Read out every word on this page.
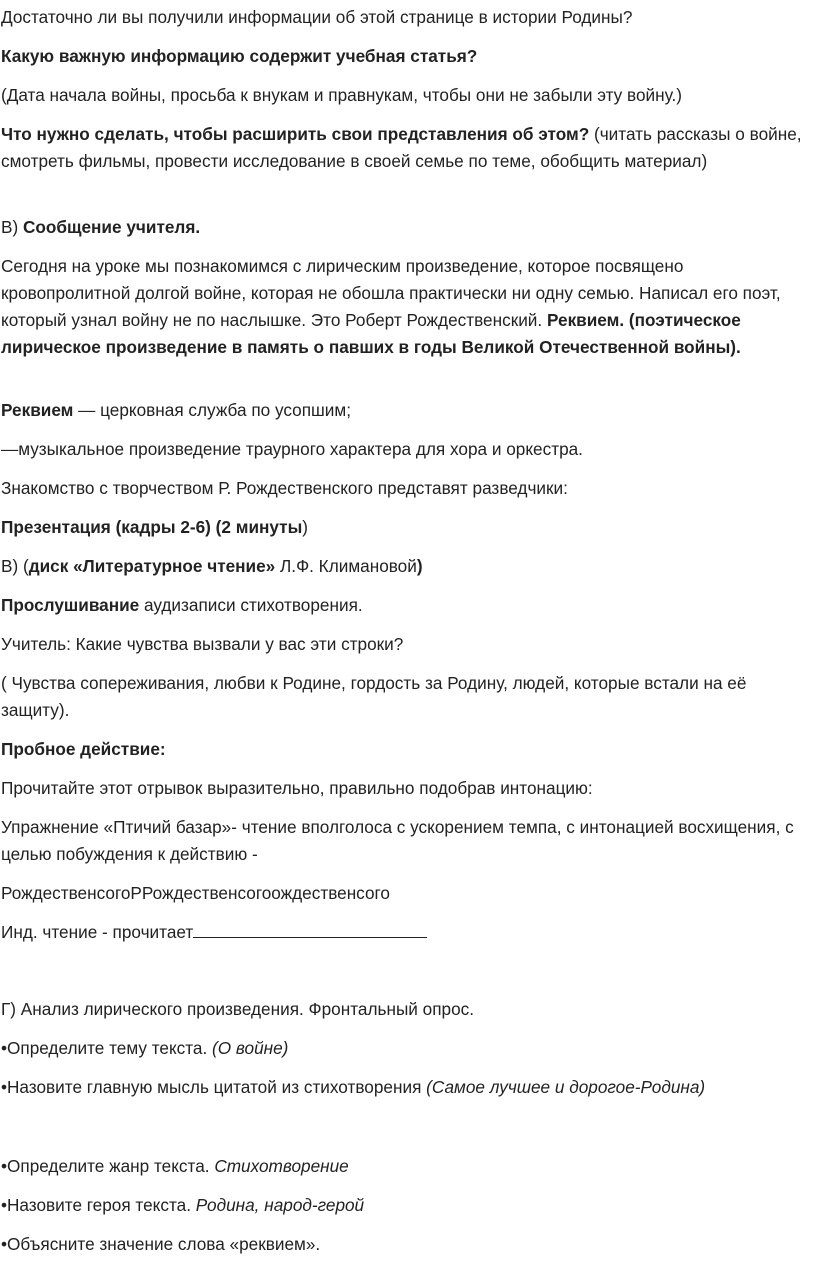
Достаточно ли вы получили информации об этой странице в истории Родины?

Какую важную информацию содержит учебная статья?

(Дата начала войны, просьба к внукам и правнукам, чтобы они не забыли эту войну.)

Что нужно сделать, чтобы расширить свои представления об этом? (читать рассказы о войне, смотреть фильмы, провести исследование в своей семье по теме, обобщить материал)

В) Сообщение учителя.

Сегодня на уроке мы познакомимся с лирическим произведение, которое посвящено кровопролитной долгой войне, которая не обошла практически ни одну семью. Написал его поэт, который узнал войну не по наслышке. Это Роберт Рождественский. Реквием. (поэтическое лирическое произведение в память о павших в годы Великой Отечественной войны).

Реквием — церковная служба по усопшим;

—музыкальное произведение траурного характера для хора и оркестра.

Знакомство с творчеством Р. Рождественского представят разведчики:

Презентация (кадры 2-6) (2 минуты)

В) (диск «Литературное чтение» Л.Ф. Климановой)

Прослушивание аудизаписи стихотворения.

Учитель: Какие чувства вызвали у вас эти строки?

( Чувства сопереживания, любви к Родине, гордость за Родину, людей, которые встали на её защиту).

Пробное действие:

Прочитайте этот отрывок выразительно, правильно подобрав интонацию:

Упражнение «Птичий базар»- чтение вполголоса с ускорением темпа, с интонацией восхищения, с целью побуждения к действию -

РождественсогоРРождественсогоождественсого

Инд. чтение - прочитает

Г) Анализ лирического произведения. Фронтальный опрос.

•Определите тему текста. (О войне)

•Назовите главную мысль цитатой из стихотворения (Самое лучшее и дорогое-Родина)

•Определите жанр текста. Стихотворение

•Назовите героя текста. Родина, народ-герой

•Объясните значение слова «реквием».
